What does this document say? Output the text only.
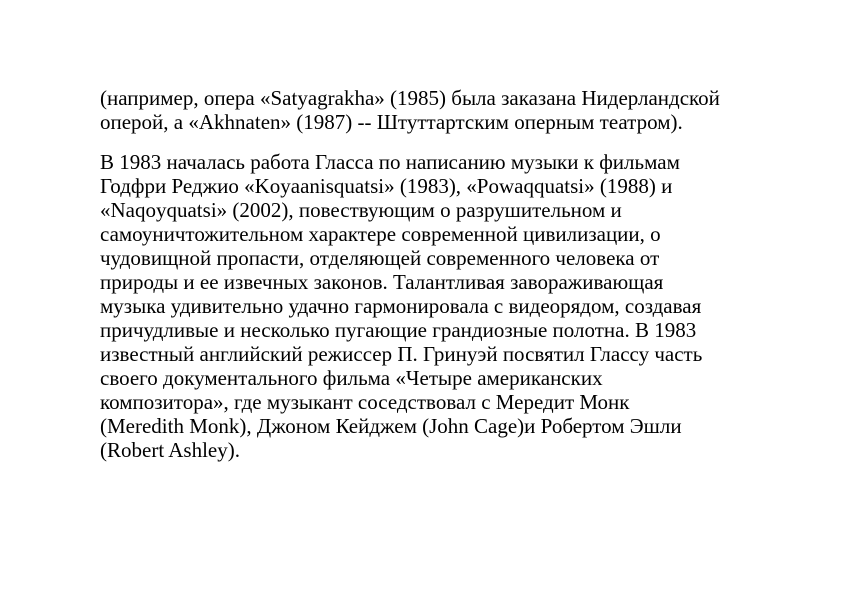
(например, опера «Satyagrakha» (1985) была заказана Нидерландской
оперой, а «Akhnaten» (1987) -- Штуттартским оперным театром).
В 1983 началась работа Гласса по написанию музыки к фильмам
Годфри Реджио «Koyaanisquatsi» (1983), «Powaqquatsi» (1988) и
«Naqoyquatsi» (2002), повествующим о разрушительном и
самоуничтожительном характере современной цивилизации, о
чудовищной пропасти, отделяющей современного человека от
природы и ее извечных законов. Талантливая завораживающая
музыка удивительно удачно гармонировала с видеорядом, создавая
причудливые и несколько пугающие грандиозные полотна. В 1983
известный английский режиссер П. Гринуэй посвятил Глассу часть
своего документального фильма «Четыре американских
композитора», где музыкант соседствовал с Мередит Монк
(Meredith Monk), Джоном Кейджем (John Cage)и Робертом Эшли
(Robert Ashley).
